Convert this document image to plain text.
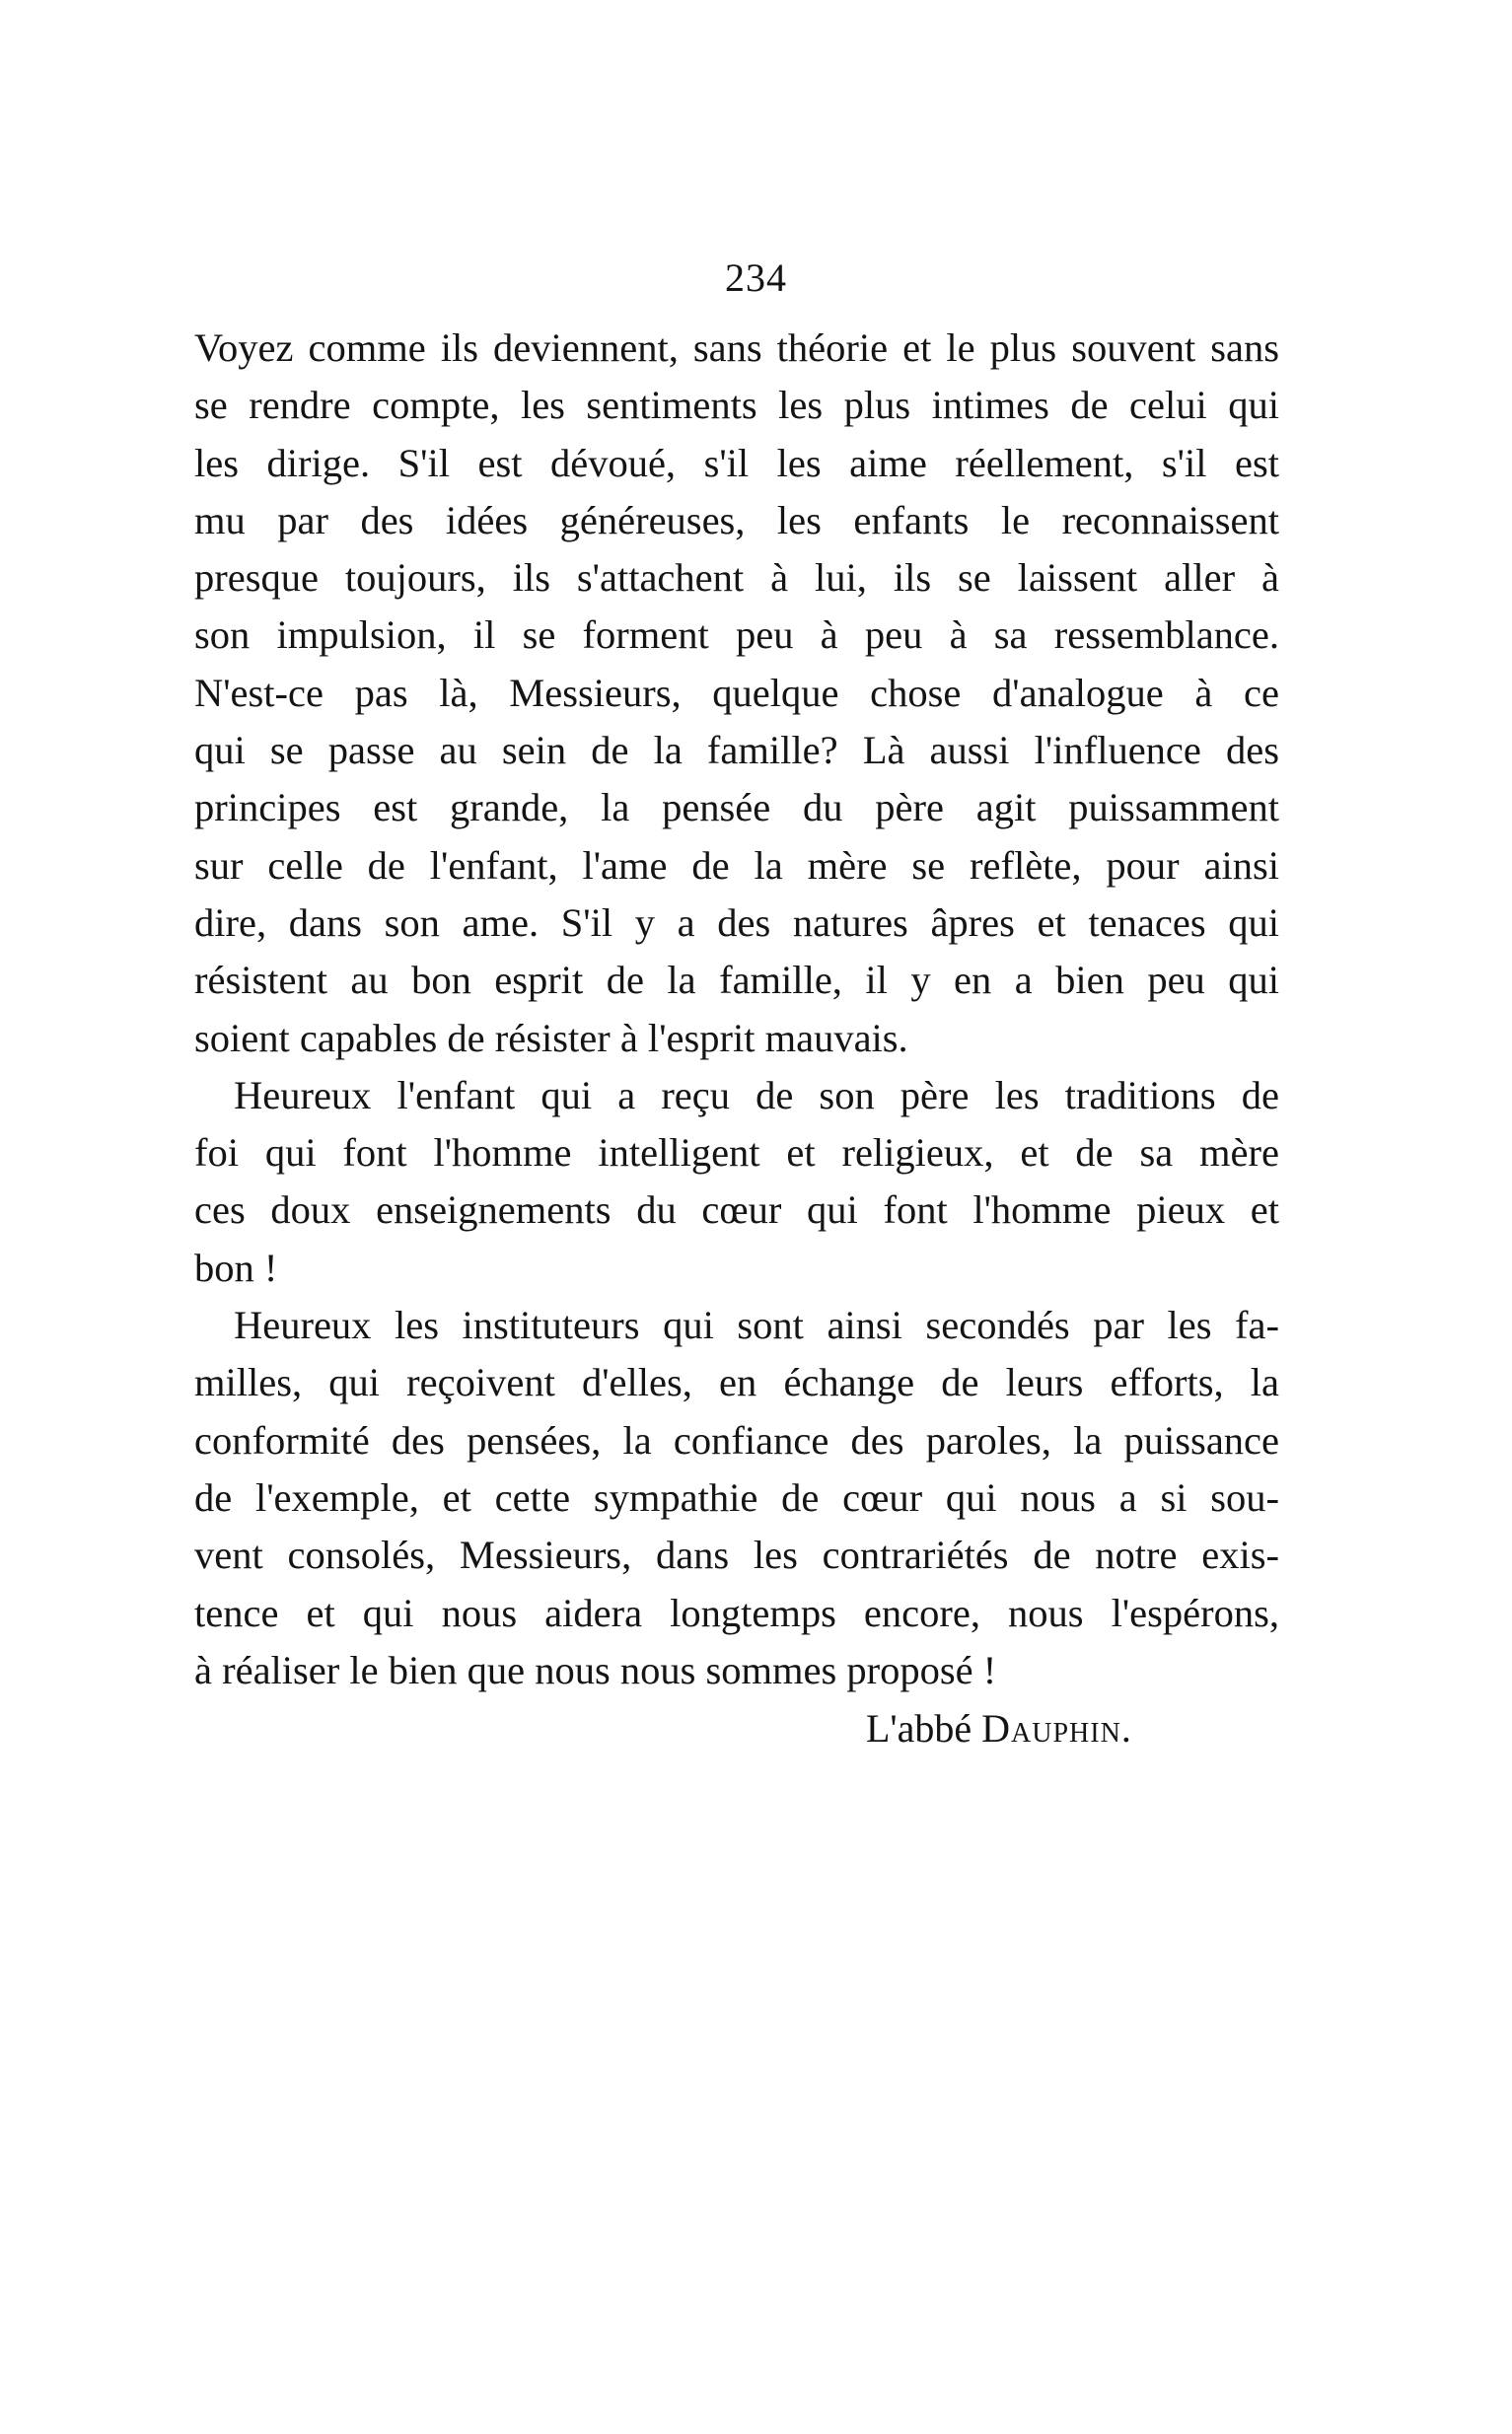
234
Voyez comme ils deviennent, sans théorie et le plus souvent sans
se rendre compte, les sentiments les plus intimes de celui qui
les dirige. S'il est dévoué, s'il les aime réellement, s'il est
mu par des idées généreuses, les enfants le reconnaissent
presque toujours, ils s'attachent à lui, ils se laissent aller à
son impulsion, il se forment peu à peu à sa ressemblance.
N'est-ce pas là, Messieurs, quelque chose d'analogue à ce
qui se passe au sein de la famille? Là aussi l'influence des
principes est grande, la pensée du père agit puissamment
sur celle de l'enfant, l'ame de la mère se reflète, pour ainsi
dire, dans son ame. S'il y a des natures âpres et tenaces qui
résistent au bon esprit de la famille, il y en a bien peu qui
soient capables de résister à l'esprit mauvais.
Heureux l'enfant qui a reçu de son père les traditions de
foi qui font l'homme intelligent et religieux, et de sa mère
ces doux enseignements du cœur qui font l'homme pieux et
bon !
Heureux les instituteurs qui sont ainsi secondés par les fa-
milles, qui reçoivent d'elles, en échange de leurs efforts, la
conformité des pensées, la confiance des paroles, la puissance
de l'exemple, et cette sympathie de cœur qui nous a si sou-
vent consolés, Messieurs, dans les contrariétés de notre exis-
tence et qui nous aidera longtemps encore, nous l'espérons,
à réaliser le bien que nous nous sommes proposé !
L'abbé Dauphin.
